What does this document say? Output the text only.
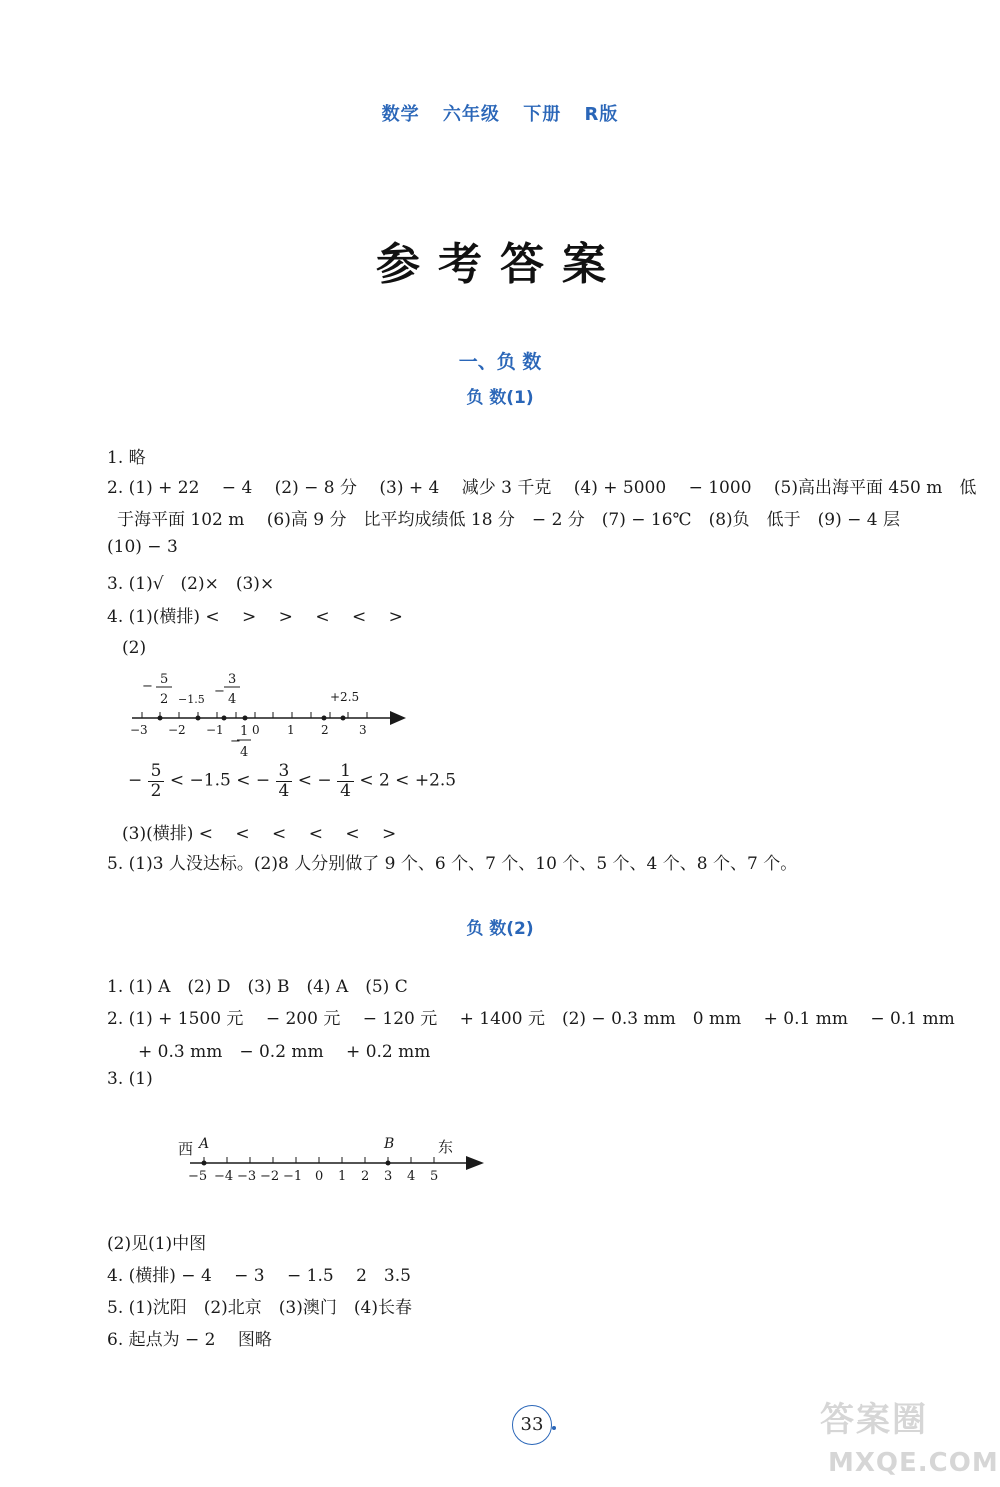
数学 六年级 下册 R版
参考答案
一、负 数
负 数(1)
1. 略
2. (1) + 22 　− 4 　(2) − 8 分　 (3) + 4 　减少 3 千克　 (4) + 5000 　− 1000 　(5)高出海平面 450 m　低
于海平面 102 m　 (6)高 9 分　比平均成绩低 18 分　− 2 分　(7) − 16℃　(8)负　低于　(9) − 4 层
(10) − 3
3. (1)√　(2)×　(3)×
4. (1)(横排) <　 >　 >　 <　 <　 >
(2)
− 5
2 −1.5
−
3
4	+2.5
−3 −2 −1 0 1 2	3
−
1
4
− $\frac{5}{2} < -1.5$ < − $\frac{3}{4}$ < − $\frac{1}{4} < 2 < +2.5$
(3)(横排) <　 <　 <　 <　 <　 >
5. (1)3 人没达标。(2)8 人分别做了 9 个、6 个、7 个、10 个、5 个、4 个、8 个、7 个。
负 数(2)
1. (1) A　(2) D　(3) B　(4) A　(5) C
2. (1) + 1500 元　 − 200 元　 − 120 元　 + 1400 元　(2) − 0.3 mm　0 mm　 + 0.1 mm　 − 0.1 mm
+ 0.3 mm　− 0.2 mm　 + 0.2 mm
3. (1)
西 A	B	东
−5 −4 −3 −2 −1 0 1 2 3 4 5
(2)见(1)中图
4. (横排) − 4 　− 3 　− 1.5 　2　3.5
5. (1)沈阳　(2)北京　(3)澳门　(4)长春
6. 起点为 − 2 　图略
33	答案圈
MXQE.COM
